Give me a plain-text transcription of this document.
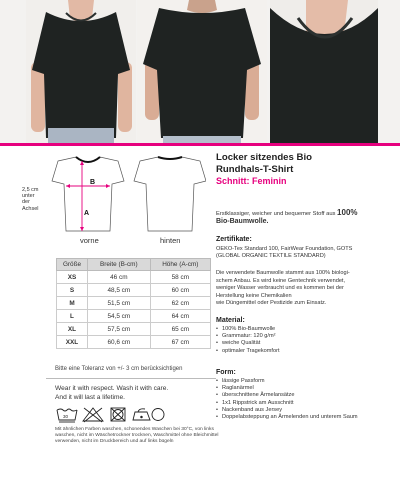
B
A
2,5 cm
unter
der
Achsel
vorne	hinten
Größe	Breite (B-cm)	Höhe (A-cm)
XS	46 cm	58 cm
S	48,5 cm	60 cm
M	51,5 cm	62 cm
L	54,5 cm	64 cm
XL	57,5 cm	65 cm
XXL	60,6 cm	67 cm
Bitte eine Toleranz von +/- 3 cm berücksichtigen
Wear it with respect. Wash it with care.
And it will last a lifetime.
30
Mit ähnlichen Farben waschen, schonendes Waschen bei 30°C, von links waschen, nicht im Wäschetrockner trocknen, Waschmittel ohne Bleichmittel verwenden, nicht im Druckbereich und auf links bügeln
Locker sitzendes Bio
Rundhals-T-Shirt
Schnitt: Feminin
Erstklassiger, weicher und bequemer Stoff aus 100%
Bio-Baumwolle.
Zertifikate:
OEKO-Tex Standard 100, FairWear Foundation, GOTS
(GLOBAL ORGANIC TEXTILE STANDARD)
Die verwendete Baumwolle stammt aus 100% biologi-
schem Anbau. Es wird keine Gentechnik verwendet,
weniger Wasser verbraucht und es kommen bei der
Herstellung keine Chemikalien
wie Düngemittel oder Pestizide zum Einsatz.
Material:
• 100% Bio-Baumwolle
• Grammatur: 120 g/m²
• weiche Qualität
• optimaler Tragekomfort
Form:
• lässige Passform
• Raglanärmel
• überschnittene Ärmelansätze
• 1x1 Rippstrick am Ausschnitt
• Nackenband aus Jersey
• Doppelabsteppung an Ärmelenden und unterem Saum
